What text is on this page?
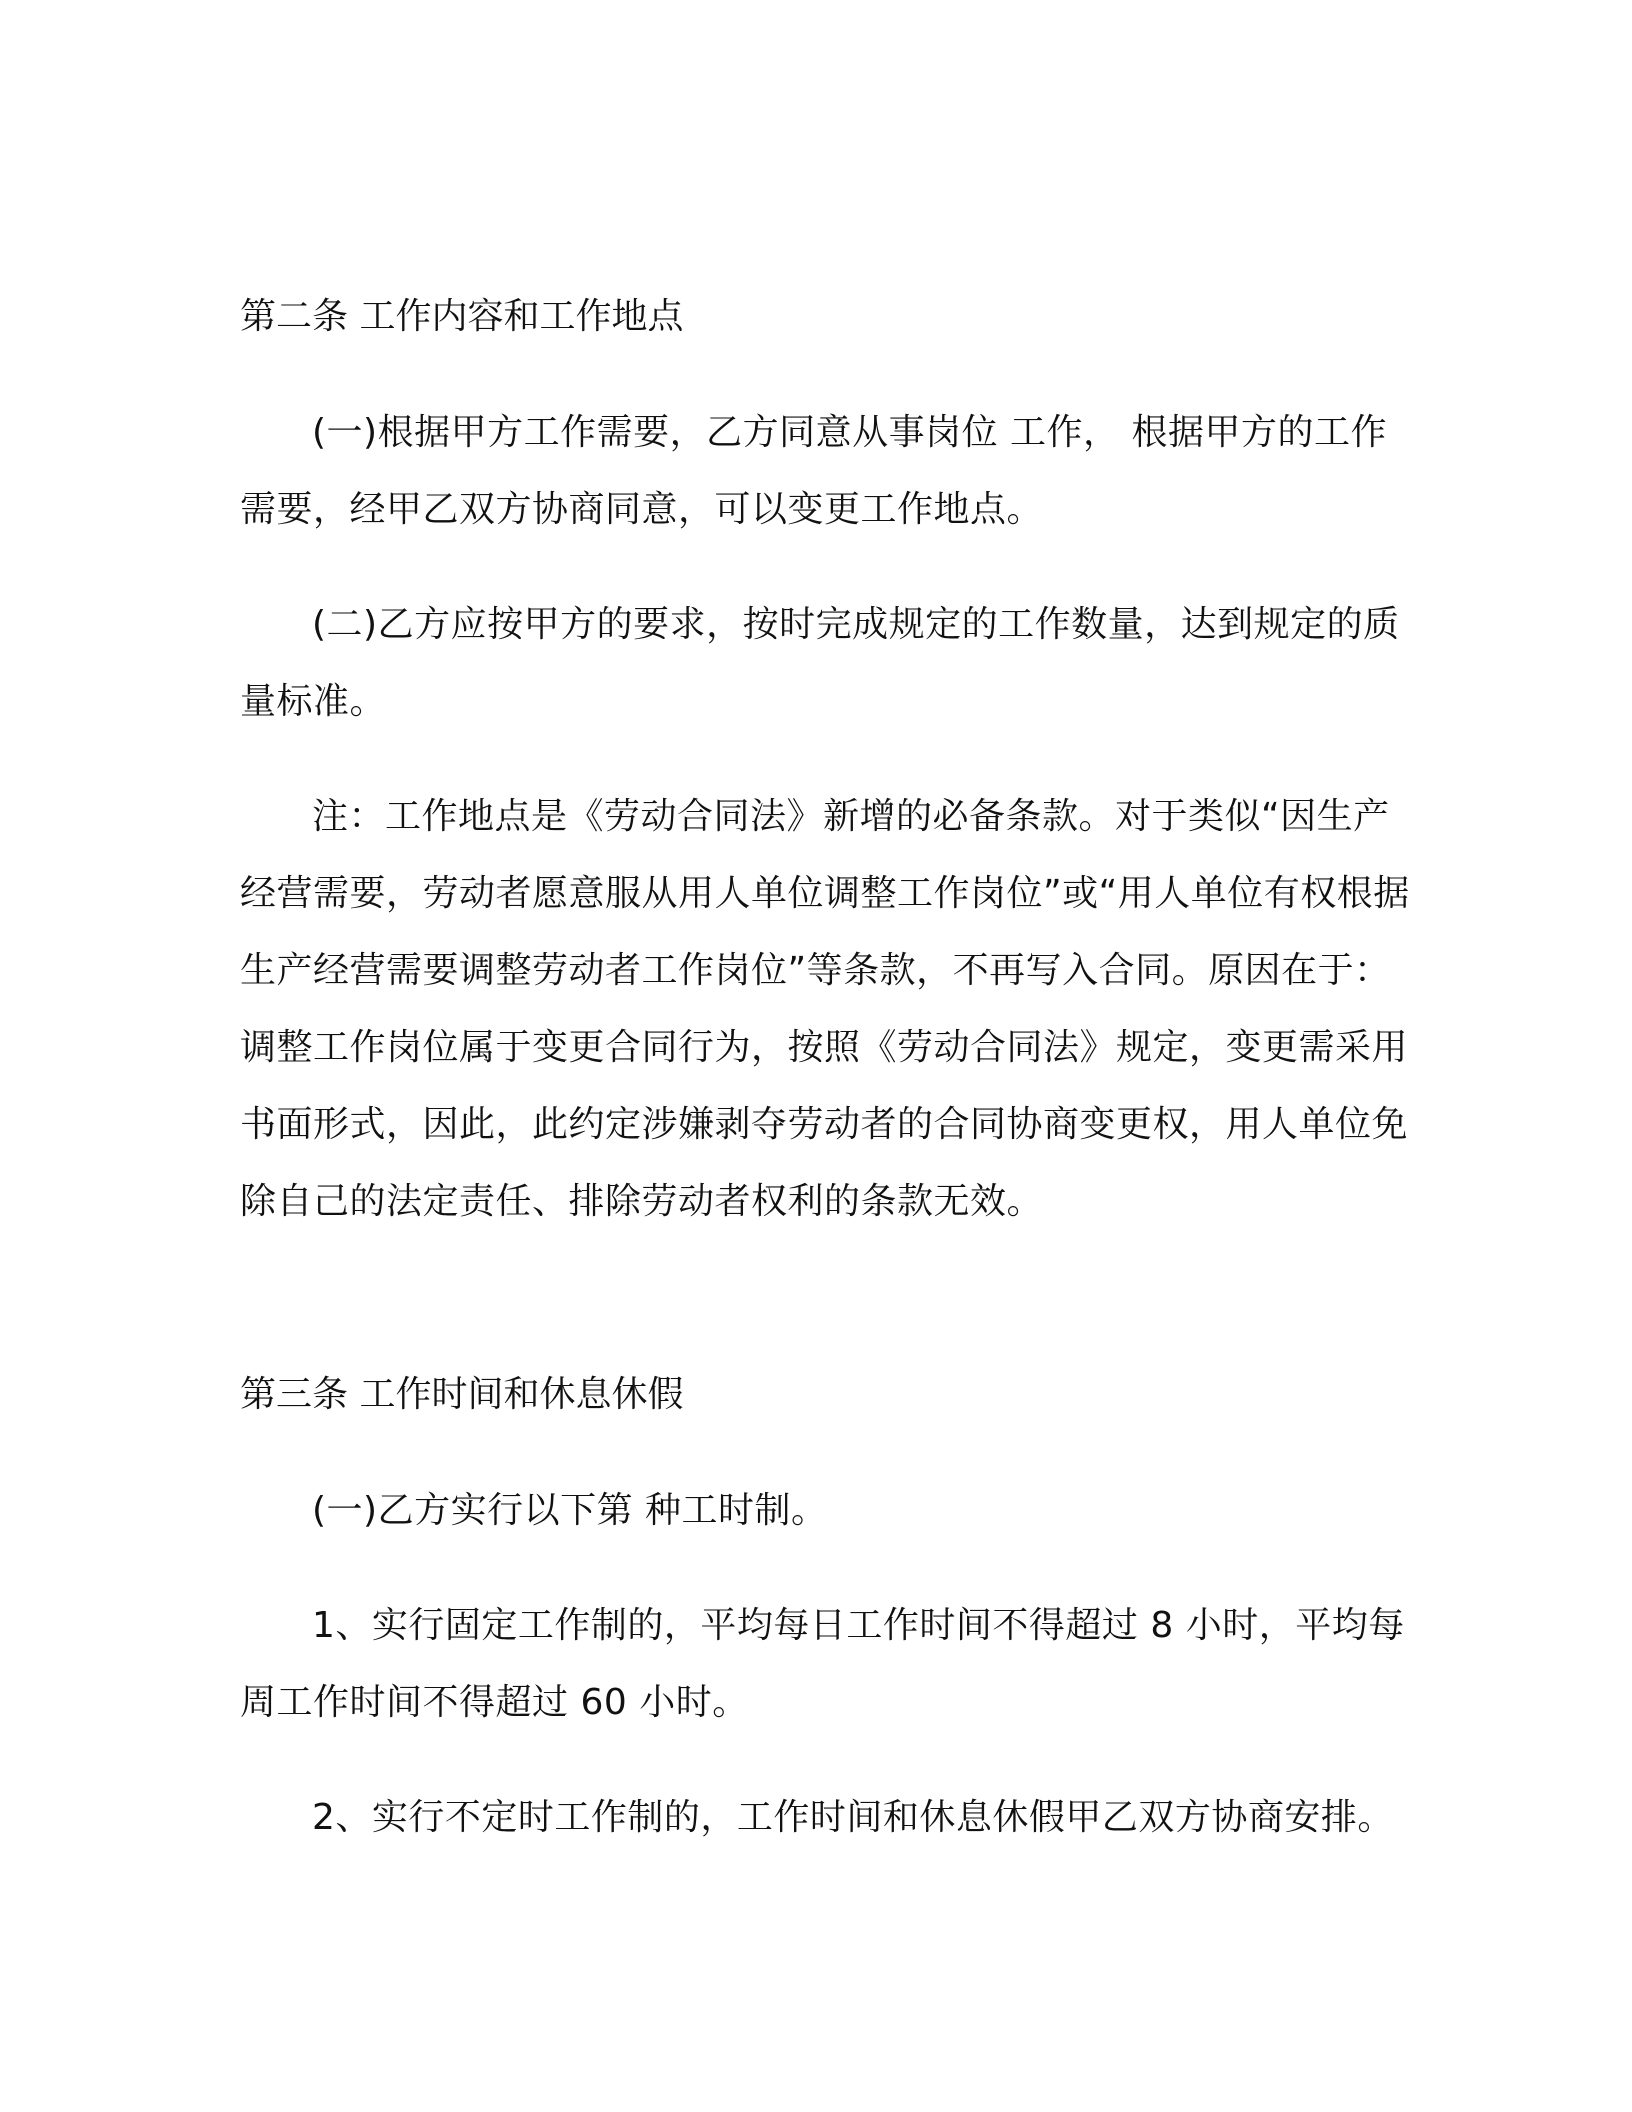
第二条 工作内容和工作地点

(一)根据甲方工作需要，乙方同意从事岗位 工作， 根据甲方的工作需要，经甲乙双方协商同意，可以变更工作地点。

(二)乙方应按甲方的要求，按时完成规定的工作数量，达到规定的质量标准。

注：工作地点是《劳动合同法》新增的必备条款。对于类似“因生产经营需要，劳动者愿意服从用人单位调整工作岗位”或“用人单位有权根据生产经营需要调整劳动者工作岗位”等条款，不再写入合同。原因在于：调整工作岗位属于变更合同行为，按照《劳动合同法》规定，变更需采用书面形式，因此，此约定涉嫌剥夺劳动者的合同协商变更权，用人单位免除自己的法定责任、排除劳动者权利的条款无效。

第三条 工作时间和休息休假

(一)乙方实行以下第 种工时制。

1、实行固定工作制的，平均每日工作时间不得超过 8 小时，平均每周工作时间不得超过 60 小时。

2、实行不定时工作制的，工作时间和休息休假甲乙双方协商安排。
